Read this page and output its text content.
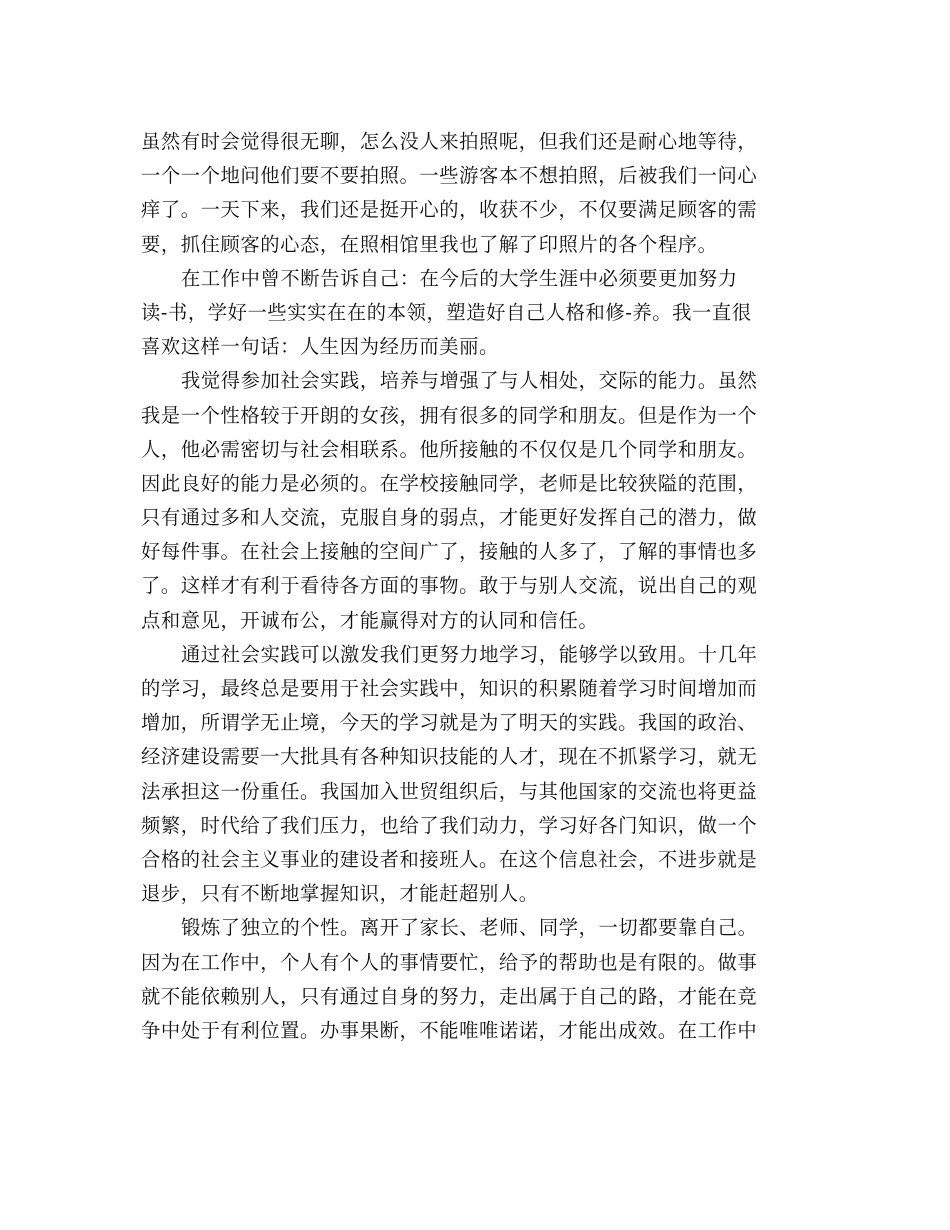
虽然有时会觉得很无聊，怎么没人来拍照呢，但我们还是耐心地等待，
一个一个地问他们要不要拍照。一些游客本不想拍照，后被我们一问心
痒了。一天下来，我们还是挺开心的，收获不少，不仅要满足顾客的需
要，抓住顾客的心态，在照相馆里我也了解了印照片的各个程序。
在工作中曾不断告诉自己：在今后的大学生涯中必须要更加努力
读-书，学好一些实实在在的本领，塑造好自己人格和修-养。我一直很
喜欢这样一句话：人生因为经历而美丽。
我觉得参加社会实践，培养与增强了与人相处，交际的能力。虽然
我是一个性格较于开朗的女孩，拥有很多的同学和朋友。但是作为一个
人，他必需密切与社会相联系。他所接触的不仅仅是几个同学和朋友。
因此良好的能力是必须的。在学校接触同学，老师是比较狭隘的范围，
只有通过多和人交流，克服自身的弱点，才能更好发挥自己的潜力，做
好每件事。在社会上接触的空间广了，接触的人多了，了解的事情也多
了。这样才有利于看待各方面的事物。敢于与别人交流，说出自己的观
点和意见，开诚布公，才能赢得对方的认同和信任。
通过社会实践可以激发我们更努力地学习，能够学以致用。十几年
的学习，最终总是要用于社会实践中，知识的积累随着学习时间增加而
增加，所谓学无止境，今天的学习就是为了明天的实践。我国的政治、
经济建设需要一大批具有各种知识技能的人才，现在不抓紧学习，就无
法承担这一份重任。我国加入世贸组织后，与其他国家的交流也将更益
频繁，时代给了我们压力，也给了我们动力，学习好各门知识，做一个
合格的社会主义事业的建设者和接班人。在这个信息社会，不进步就是
退步，只有不断地掌握知识，才能赶超别人。
锻炼了独立的个性。离开了家长、老师、同学，一切都要靠自己。
因为在工作中，个人有个人的事情要忙，给予的帮助也是有限的。做事
就不能依赖别人，只有通过自身的努力，走出属于自己的路，才能在竞
争中处于有利位置。办事果断，不能唯唯诺诺，才能出成效。在工作中
